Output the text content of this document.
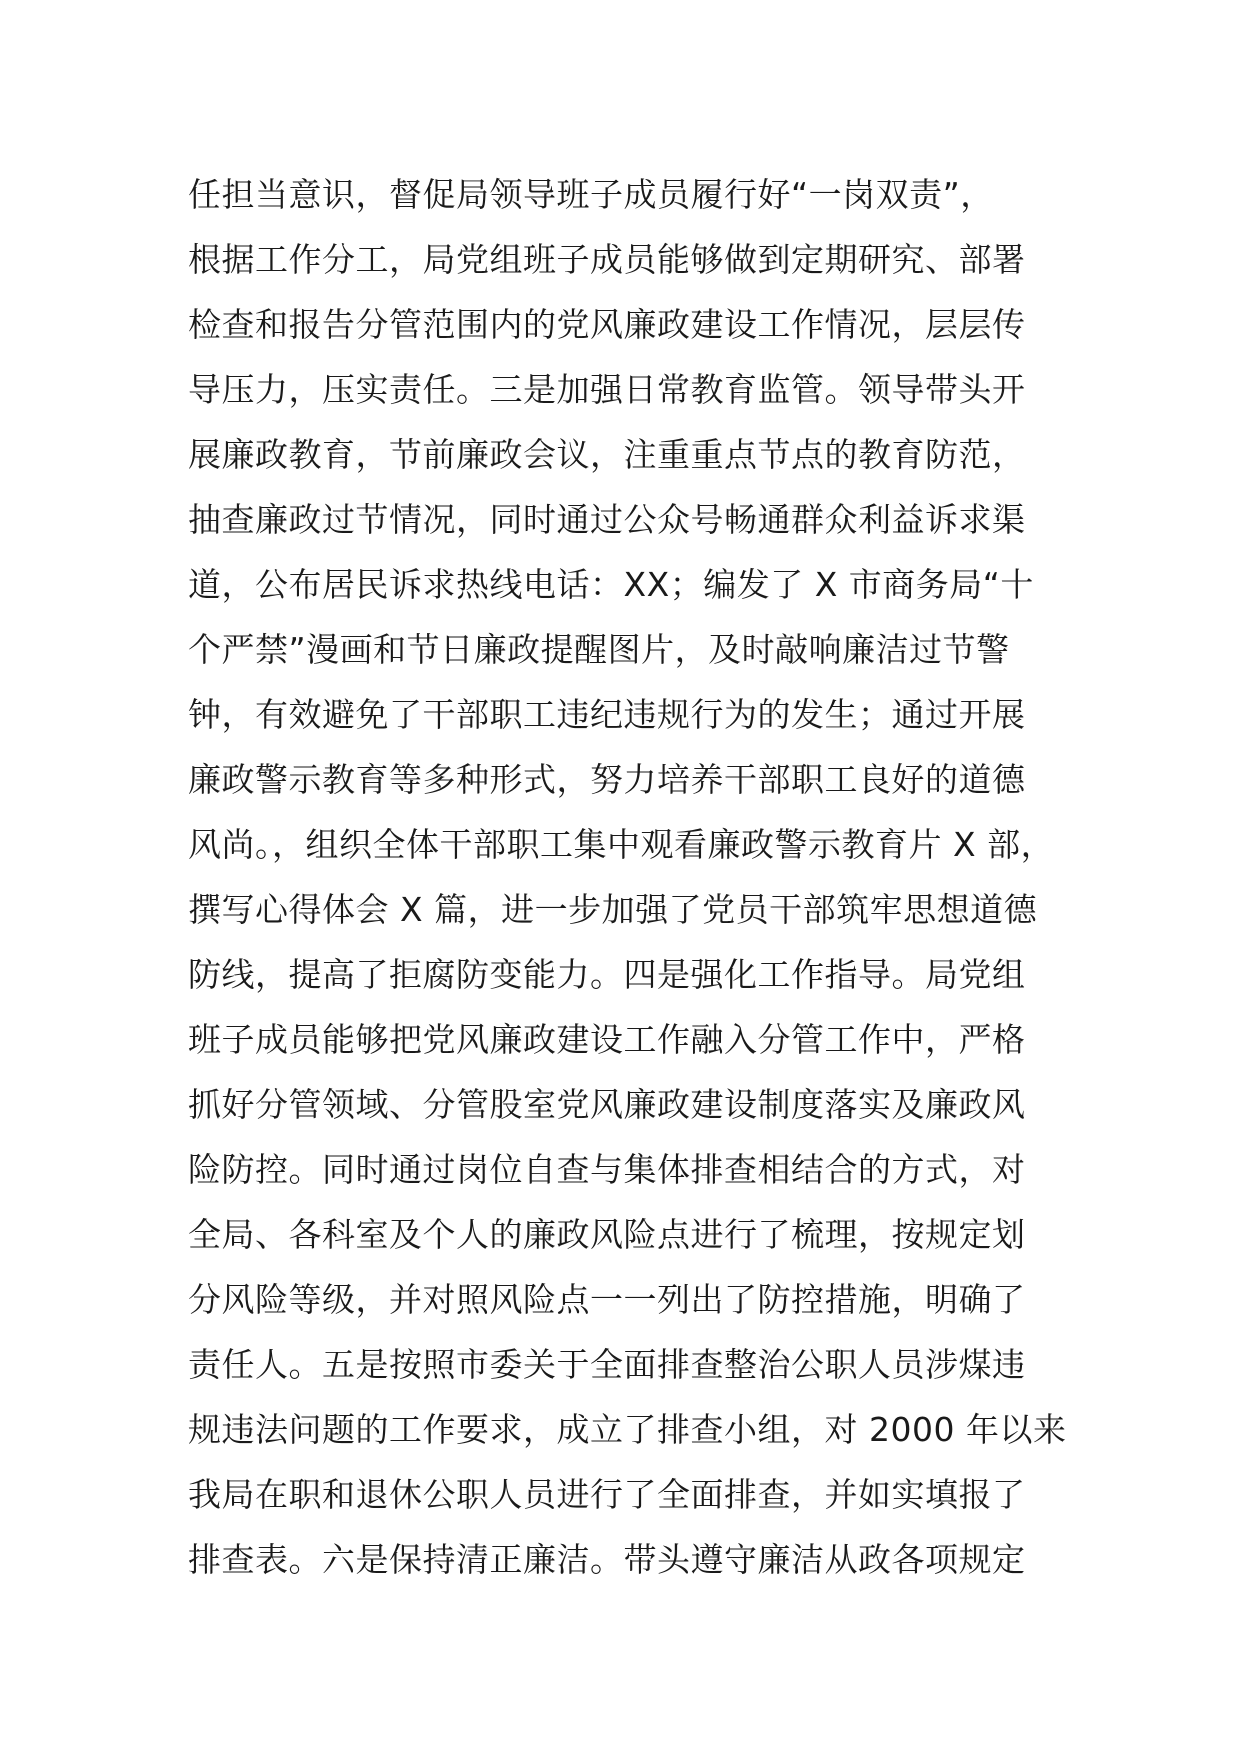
任担当意识，督促局领导班子成员履行好“一岗双责”，
根据工作分工，局党组班子成员能够做到定期研究、部署
检查和报告分管范围内的党风廉政建设工作情况，层层传
导压力，压实责任。三是加强日常教育监管。领导带头开
展廉政教育，节前廉政会议，注重重点节点的教育防范，
抽查廉政过节情况，同时通过公众号畅通群众利益诉求渠
道，公布居民诉求热线电话：XX；编发了 X 市商务局“十
个严禁”漫画和节日廉政提醒图片，及时敲响廉洁过节警
钟，有效避免了干部职工违纪违规行为的发生；通过开展
廉政警示教育等多种形式，努力培养干部职工良好的道德
风尚。，组织全体干部职工集中观看廉政警示教育片 X 部，
撰写心得体会 X 篇，进一步加强了党员干部筑牢思想道德
防线，提高了拒腐防变能力。四是强化工作指导。局党组
班子成员能够把党风廉政建设工作融入分管工作中，严格
抓好分管领域、分管股室党风廉政建设制度落实及廉政风
险防控。同时通过岗位自查与集体排查相结合的方式，对
全局、各科室及个人的廉政风险点进行了梳理，按规定划
分风险等级，并对照风险点一一列出了防控措施，明确了
责任人。五是按照市委关于全面排查整治公职人员涉煤违
规违法问题的工作要求，成立了排查小组，对 2000 年以来
我局在职和退休公职人员进行了全面排查，并如实填报了
排查表。六是保持清正廉洁。带头遵守廉洁从政各项规定
